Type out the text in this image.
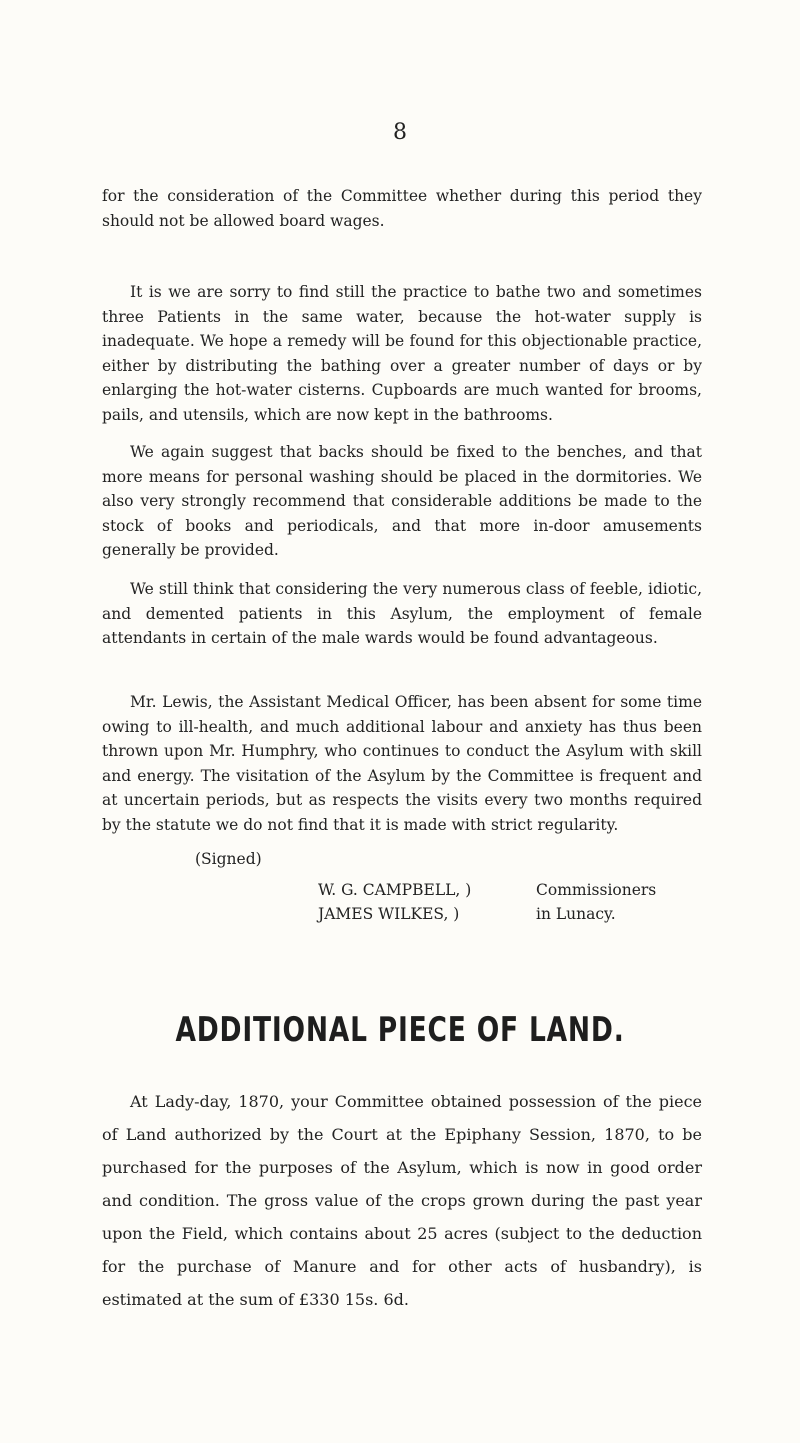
8

for the consideration of the Committee whether during this period they should not be allowed board wages.

It is we are sorry to find still the practice to bathe two and sometimes three Patients in the same water, because the hot-water supply is inadequate. We hope a remedy will be found for this objectionable practice, either by distributing the bathing over a greater number of days or by enlarging the hot-water cisterns. Cupboards are much wanted for brooms, pails, and utensils, which are now kept in the bathrooms.

We again suggest that backs should be fixed to the benches, and that more means for personal washing should be placed in the dormitories. We also very strongly recommend that considerable additions be made to the stock of books and periodicals, and that more in-door amusements generally be provided.

We still think that considering the very numerous class of feeble, idiotic, and demented patients in this Asylum, the employment of female attendants in certain of the male wards would be found advantageous.

Mr. Lewis, the Assistant Medical Officer, has been absent for some time owing to ill-health, and much additional labour and anxiety has thus been thrown upon Mr. Humphry, who continues to conduct the Asylum with skill and energy. The visitation of the Asylum by the Committee is frequent and at uncertain periods, but as respects the visits every two months required by the statute we do not find that it is made with strict regularity.

(Signed)
W. G. CAMPBELL, )	Commissioners
JAMES WILKES, )	in Lunacy.
ADDITIONAL PIECE OF LAND.

At Lady-day, 1870, your Committee obtained possession of the piece of Land authorized by the Court at the Epiphany Session, 1870, to be purchased for the purposes of the Asylum, which is now in good order and condition. The gross value of the crops grown during the past year upon the Field, which contains about 25 acres (subject to the deduction for the purchase of Manure and for other acts of husbandry), is estimated at the sum of £330 15s. 6d.
